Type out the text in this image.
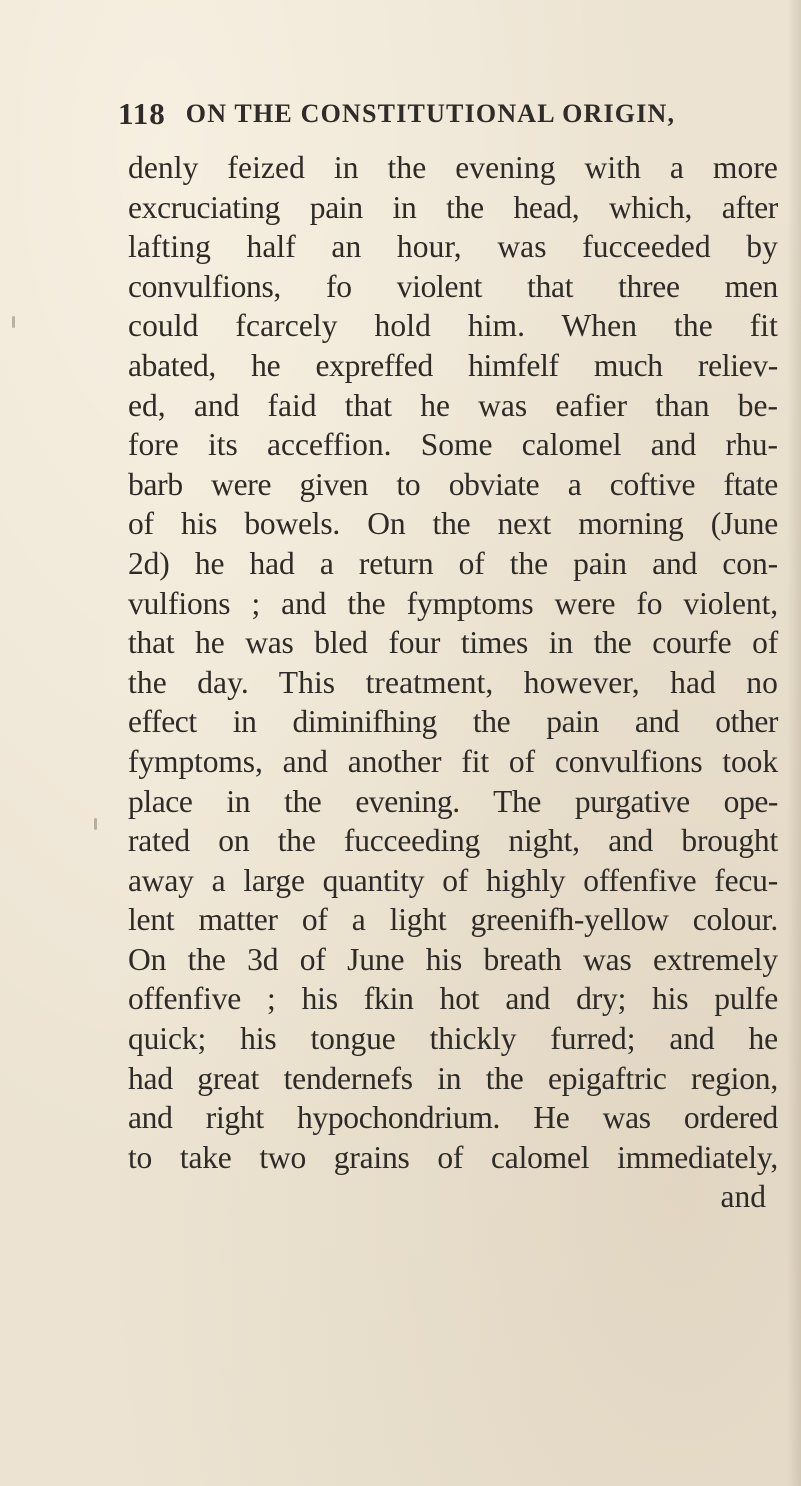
118 ON THE CONSTITUTIONAL ORIGIN,
denly feized in the evening with a more
excruciating pain in the head, which, after
lafting half an hour, was fucceeded by
convulfions, fo violent that three men
could fcarcely hold him. When the fit
abated, he expreffed himfelf much reliev-
ed, and faid that he was eafier than be-
fore its acceffion. Some calomel and rhu-
barb were given to obviate a coftive ftate
of his bowels. On the next morning (June
2d) he had a return of the pain and con-
vulfions ; and the fymptoms were fo violent,
that he was bled four times in the courfe of
the day. This treatment, however, had no
effect in diminifhing the pain and other
fymptoms, and another fit of convulfions took
place in the evening. The purgative ope-
rated on the fucceeding night, and brought
away a large quantity of highly offenfive fecu-
lent matter of a light greenifh-yellow colour.
On the 3d of June his breath was extremely
offenfive ; his fkin hot and dry; his pulfe
quick; his tongue thickly furred; and he
had great tendernefs in the epigaftric region,
and right hypochondrium. He was ordered
to take two grains of calomel immediately,
and
